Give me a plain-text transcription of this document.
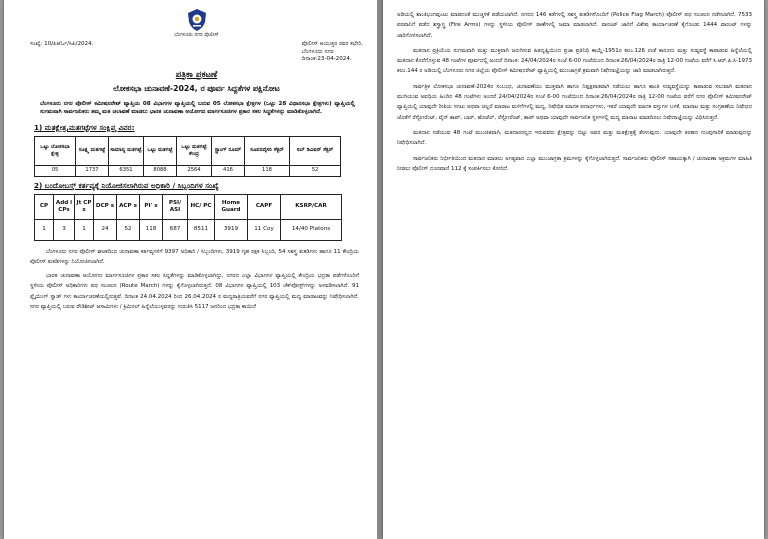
ಬೆಂಗಳೂರು ನಗರ ಪೊಲೀಸ್
ಸಂಖ್ಯೆ: 10/ಪಿಆರ್ಓ/ಸಿಪಿ/2024.	ಪೊಲೀಸ್ ಆಯುಕ್ತರ ರವರ ಕಛೇರಿ,
ಬೆಂಗಳೂರು ನಗರ
ದಿನಾಂಕ:23-04-2024.
ಪತ್ರಿಕಾ ಪ್ರಕಟಣೆ
ಲೋಕಸಭಾ ಚುನಾವಣೆ-2024, ರ ಪೂರ್ವ ಸಿದ್ದತೆಗಳ ಪಕ್ಷಿನೋಟ
ಬೆಂಗಳೂರು ನಗರ ಪೊಲೀಸ್ ಕಮೀಷನರೇಟ್ ವ್ಯಾಪ್ತಿಯ 08 ವಿಭಾಗಗಳ ವ್ಯಾಪ್ತಿಯಲ್ಲಿ ಬರುವ 05 ಲೋಕಸಭಾ ಕ್ಷೇತ್ರಗಳ (ಒಟ್ಟು 28 ವಿಧಾನಸಭಾ ಕ್ಷೇತ್ರಗಳು) ವ್ಯಾಪ್ತಿಯಲ್ಲಿ ಸುಗಮವಾಗಿ ಸಾರ್ವಜನಿಕರು ತಮ್ಮ ಮತ ಚಲಾವಣೆ ಮಾಡಲು ಭಾರತ ಚುನಾವಣಾ ಆಯೋಗದ ಮಾರ್ಗಸೂಚಿಗಳ ಪ್ರಕಾರ ಸಕಲ ಸಿದ್ಧತೆಗಳನ್ನು ಮಾಡಿಕೊಳ್ಳಲಾಗಿದೆ.
1) ಮತಕ್ಷೇತ್ರ,ಮತಗಟ್ಟೆಗಳ ಸಂಕ್ಷಿಪ್ತ ವಿವರ:
ಒಟ್ಟು ಲೋಕಸಭಾ ಕ್ಷೇತ್ರ	ಸೂಕ್ಷ್ಮ ಮತಗಟ್ಟೆ	ಸಾಮಾನ್ಯ ಮತಗಟ್ಟೆ	ಒಟ್ಟು ಮತಗಟ್ಟೆ	ಒಟ್ಟು ಮತಗಟ್ಟೆ ಕೇಂದ್ರ	ಸ್ಟ್ರಾಂಗ್ ರೂಮ್	ಸೂಪರವೈಸರಿ ಸೆಕ್ಟರ್	ಸಬ್ ಡಿವಿಷನ್ ಸೆಕ್ಟರ್
05	1737	6351	8088	2564	416	118	52
2) ಬಂದೋಬಸ್ತ್ ಕರ್ತವ್ಯಕ್ಕೆ ನಿಯೋಜಿಸಲಾಗಿರುವ ಅಧಿಕಾರಿ / ಸಿಬ್ಬಂದಿಗಳ ಸಂಖ್ಯೆ
CP	Add l CPs	Jt CP s	DCP s	ACP s	PI' s	PSI/ ASI	HC/ PC	Home Guard	CAPF	KSRP/CAR
1	3	1	24	52	118	687	8511	3919	11 Coy	14/40 Platons

ಬೆಂಗಳೂರು ನಗರ ಪೊಲೀಸ್ ಘಟಕದಿಂದ ಚುನಾವಣಾ ಕರ್ತವ್ಯಗಳಿಗೆ 9397 ಅಧಿಕಾರಿ / ಸಿಬ್ಬಂದಿಗಳು, 3919 ಗೃಹ ರಕ್ಷಕ ಸಿಬ್ಬಂದಿ, 54 ಸಶಸ್ತ್ರ ತುಕಡಿಗಳು ಹಾಗೂ 11 ಕೇಂದ್ರಿಯ ಪೊಲೀಸ್ ತುಕಡಿಗಳನ್ನು ನಿಯೋಜಿಸಲಾಗಿದೆ.

ಭಾರತ ಚುನಾವಣಾ ಆಯೋಗದ ಮಾರ್ಗಸೂಚಿಗಳ ಪ್ರಕಾರ ಸಕಲ ಸಿದ್ದತೆಗಳನ್ನು ಮಾಡಿಕೊಳ್ಳಲಾಗಿದ್ದು, ನಗರದ ಎಲ್ಲಾ ವಿಭಾಗಗಳ ವ್ಯಾಪ್ತಿಯಲ್ಲಿ ಕೇಂದ್ರಿಯ ಭದ್ರತಾ ಪಡೆಗಳೊಂದಿಗೆ ಸ್ಥಳೀಯ ಪೊಲೀಸ್ ಅಧಿಕಾರಿಗಳು ಪಥ ಸಂಚಲನ (Route March) ಗಳನ್ನು ಕೈಗೊಳ್ಳಲಾಗಿರುತ್ತದೆ. 08 ವಿಭಾಗಗಳ ವ್ಯಾಪ್ತಿಯಲ್ಲಿ 103 ಚೆಕ್‌ಪೋಸ್ಟ್‌ಗಳನ್ನು ಅಳವಡಿಸಲಾಗಿದೆ. 91 ಫ್ಲೈಯಿಂಗ್ ಸ್ವಾಡ್ ಗಳು ಕಾರ್ಯಾಚರಣೆಯಲ್ಲಿರುತ್ತವೆ. ದಿನಾಂಕ 24.04.2024 ರಿಂದ 26.04.2024 ರ ಮಧ್ಯರಾತ್ರಿಯವರೆಗೆ ನಗರ ವ್ಯಾಪ್ತಿಯಲ್ಲಿ ಮದ್ಯ ಮಾರಾಟವನ್ನು ನಿಷೇಧಿಸಲಾಗಿದೆ. ನಗರ ವ್ಯಾಪ್ತಿಯಲ್ಲಿ ಬರುವ ರೌಡಿಶೀಟ್ ಆಸಾಮಿಗಳು / ಕ್ರಿಮಿನಲ್ ಹಿನ್ನೆಲೆಯುಳ್ಳವರನ್ನು ಗುರುತಿಸಿ 5117 ಜನರಿಂದ ಭದ್ರತಾ ಕಾಯಿದೆ

ಅಡಿಯಲ್ಲಿ ಶಾಂತಿಭಂಗವುಂಟು ಮಾಡದಂತೆ ಮುಚ್ಚಳಿಕೆ ಪಡೆಯಲಾಗಿದೆ. ನಗರದ 146 ಕಡೆಗಳಲ್ಲಿ ಸಶಸ್ತ್ರ ತುಕಡಿಗಳೊಂದಿಗೆ (Police Flag March) ಪೊಲೀಸ್ ಪಥ ಸಂಚಲನ ನಡೆಸಲಾಗಿದೆ. 7533 ಪರವಾನಿಗೆ ಪಡೆದ ಶಸ್ತ್ರಾಸ್ತ್ರ (Fire Arms) ಗಳನ್ನು ಸ್ಥಳೀಯ ಪೊಲೀಸ್ ಠಾಣೆಗಳಲ್ಲಿ ಜಮಾ ಮಾಡಲಾಗಿದೆ. ವಾರಂಟ್ ಜಾರಿಗೆ ವಿಶೇಷ ಕಾರ್ಯಾಚರಣೆ ಕೈಗೊಂಡು 1444 ವಾರಂಟ್ ಗಳನ್ನು ಜಾರಿಗೊಳಿಸಲಾಗಿದೆ.

ಮತದಾನ ಪ್ರಕ್ರಿಯೆಯ ಸುಗಮವಾಗಿ ಮತ್ತು ಮುಕ್ತವಾಗಿ ಜರುಗಿಸುವ ಹಿತದೃಷ್ಟಿಯಿಂದ ಪ್ರಜಾ ಪ್ರತಿನಿಧಿ ಕಾಯ್ದೆ-1951ರ ಕಲಂ.126 ರಂತೆ ಕಾನೂನು ಮತ್ತು ಸುವ್ಯವಸ್ಥೆ ಕಾಪಾಡುವ ಹಿನ್ನೆಲೆಯಲ್ಲಿ ಮತದಾನ ಕೊನೆಗೊಳ್ಳುವ 48 ಗಂಟೆಗಳ ಪೂರ್ವದಲ್ಲಿ ಅಂದರೆ ದಿನಾಂಕ: 24/04/2024ರ ಸಂಜೆ 6-00 ಗಂಟೆಯಿಂದ ದಿನಾಂಕ:26/04/2024ರ ರಾತ್ರಿ 12-00 ಗಂಟೆಯ ವರೆಗೆ ಸಿ.ಆರ್.ಪಿ.ಸಿ-1973 ಕಲಂ.144 ರ ಅಡಿಯಲ್ಲಿ ಬೆಂಗಳೂರು ನಗರ ಜಿಲ್ಲೆಯ ಪೊಲೀಸ್ ಕಮೀಷನರೇಟ್ ವ್ಯಾಪ್ತಿಯಲ್ಲಿ ಮುಂಜಾಗ್ರತೆ ಕ್ರಮವಾಗಿ ನಿಷೇದಾಜ್ಞೆಯನ್ನು ಜಾರಿ ಮಾಡಲಾಗಿರುತ್ತದೆ.

ಸಾರ್ವತ್ರಿಕ ಲೋಕಸಭಾ ಚುನಾವಣೆ-2024ರ ಸಂಬಂಧ, ಚುನಾವಣೆಯು ಮುಕ್ತವಾಗಿ ಹಾಗೂ ನಿಷ್ಪಕ್ಷಪಾತವಾಗಿ ನಡೆಯಲು ಹಾಗೂ ಶಾಂತಿ ಸುವ್ಯವಸ್ಥೆಯನ್ನು ಕಾಪಾಡುವ ಸಲುವಾಗಿ ಮತದಾನ ಮುಗಿಯುವ ಅವಧಿಯ ಹಿಂದಿನ 48 ಗಂಟೆಗಳು ಅಂದರೆ 24/04/2024ರ ಸಂಜೆ 6-00 ಗಂಟೆಯಿಂದ ದಿನಾಂಕ:26/04/2024ರ ರಾತ್ರಿ 12-00 ಗಂಟೆಯ ವರೆಗೆ ನಗರ ಪೊಲೀಸ್ ಕಮೀಷನರೇಟ್ ವ್ಯಾಪ್ತಿಯಲ್ಲಿ ಯಾವುದೇ ರೀತಿಯ ಸಗಟು ಅಥವಾ ಚಿಲ್ಲರೆ ಮಾರಾಟ ಮಳಿಗೆಗಳಲ್ಲಿ ಮದ್ಯ, ನಿಷೇಧಿತ ಮಾದಕ ಪದಾರ್ಥಗಳು, ಇತರೆ ಯಾವುದೇ ಮಾದಕ ವಸ್ತುಗಳ ಬಳಕೆ, ಮಾರಾಟ ಮತ್ತು ಸಂಗ್ರಹಣೆಯ ನಿಷೇಧದ ಜೊತೆಗೆ ರೆಸ್ಟೋರೆಂಟ್, ವೈನ್ ಶಾಪ್, ಬಾರ್, ಹೊಟೆಲ್, ರೆಸ್ಟೋರೆಂಟ್, ಶಾಪ್ ಅಥವಾ ಯಾವುದೇ ಸಾರ್ವಜನಿಕ ಸ್ಥಳಗಳಲ್ಲಿ ಮದ್ಯ ಮಾರಾಟ ಮಾಡದಿರಲು ನಿಷೇದಾಜ್ಞೆಯನ್ನು ವಿಧಿಸಿರುತ್ತದೆ.

ಮತದಾನ ನಡೆಯುವ 48 ಗಂಟೆ ಮುಂಚಿತವಾಗಿ, ಮತದಾರರಲ್ಲದ ಇರುವವರು ಕ್ಷೇತ್ರವನ್ನು ಬಿಟ್ಟು ಅವರ ಮತ್ತು ಮತಕ್ಷೇತ್ರಕ್ಕೆ ತೆರಳುವುದು. ಯಾವುದೇ ತರಹದ ಗುಂಪುಗಾರಿಕೆ ಮಾಡುವುದನ್ನು ನಿಷೇಧಿಸಲಾಗಿದೆ.

ಸಾರ್ವಜನಿಕರು ನಿರ್ಭೀತಿಯಿಂದ ಮತದಾನ ಮಾಡಲು ಅಗತ್ಯವಾದ ಎಲ್ಲಾ ಮುಂಜಾಗ್ರತಾ ಕ್ರಮಗಳನ್ನು ಕೈಗೊಳ್ಳಲಾಗಿರುತ್ತದೆ. ಸಾರ್ವಜನಿಕರು ಪೊಲೀಸ್ ಸಹಾಯಕ್ಕಾಗಿ / ಚುನಾವಣಾ ಅಕ್ರಮಗಳ ಮಾಹಿತಿ ನೀಡಲು ಪೊಲೀಸ್ ದೂರವಾಣಿ 112 ಕ್ಕೆ ಸಂಪರ್ಕಿಸಲು ಕೋರಿದೆ.
